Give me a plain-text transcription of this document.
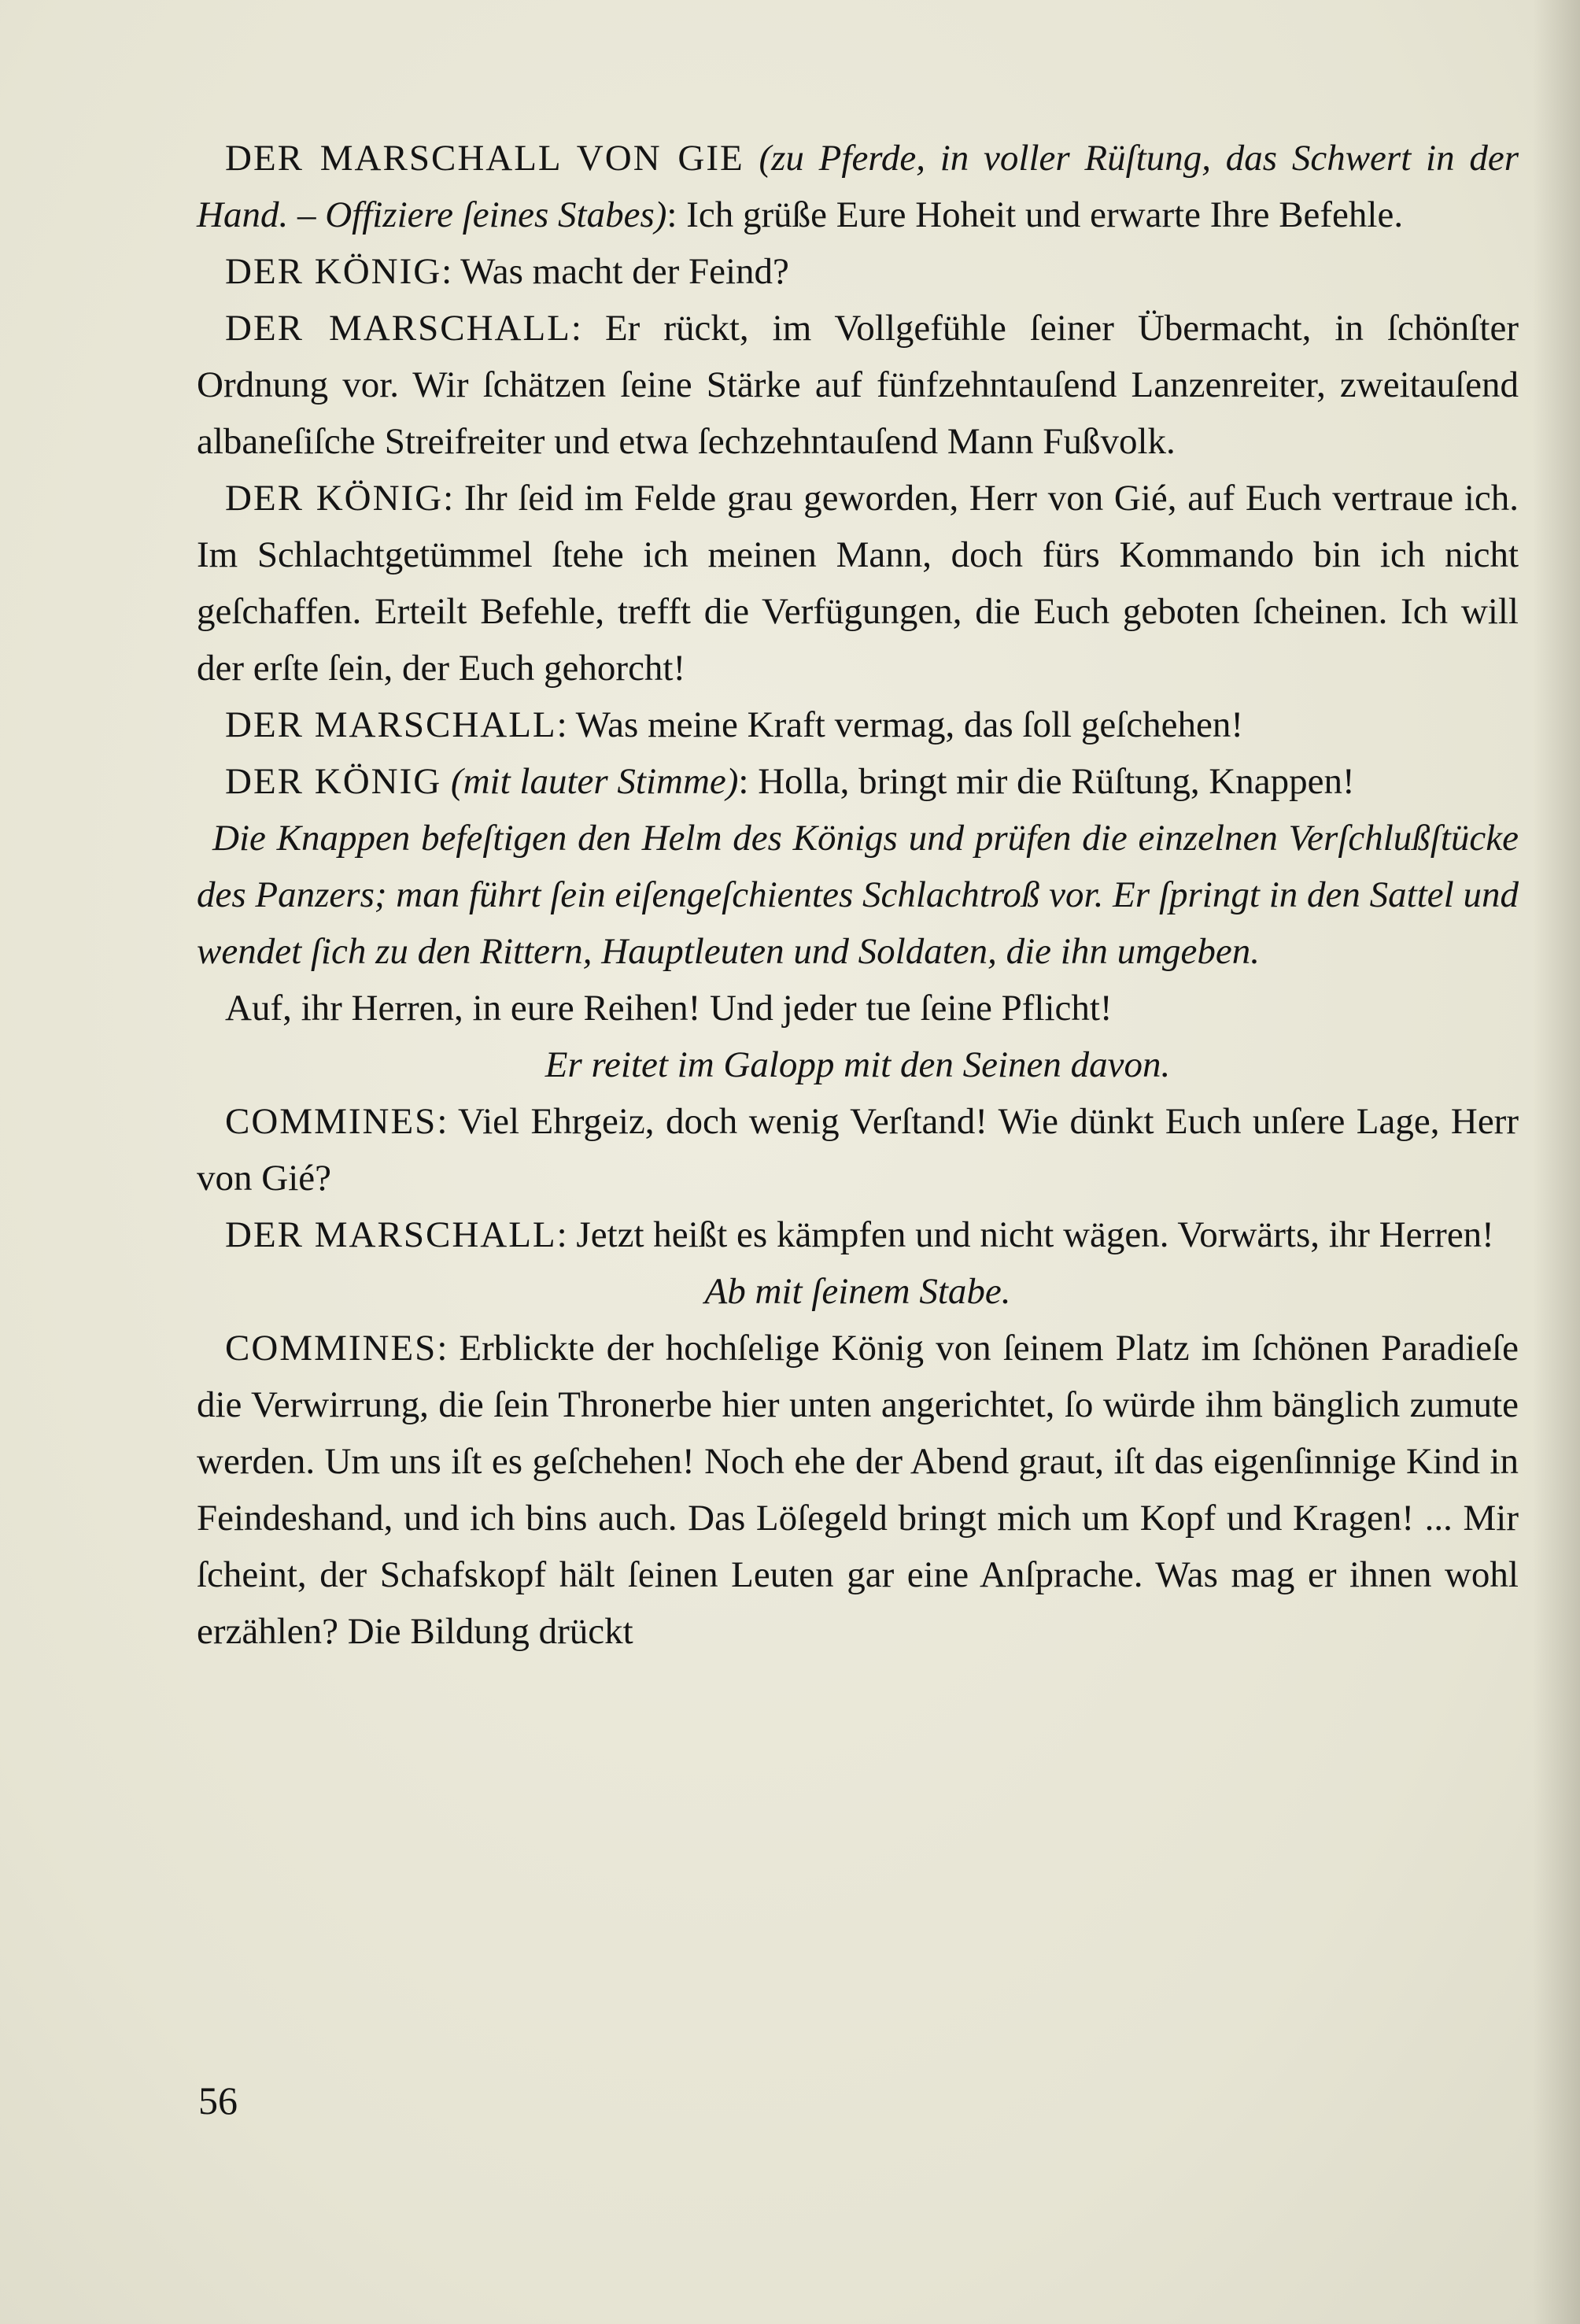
DER MARSCHALL VON GIE (zu Pferde, in voller Rüſtung, das Schwert in der Hand. – Offiziere ſeines Stabes): Ich grüße Eure Hoheit und erwarte Ihre Befehle.

DER KÖNIG: Was macht der Feind?

DER MARSCHALL: Er rückt, im Vollgefühle ſeiner Übermacht, in ſchönſter Ordnung vor. Wir ſchätzen ſeine Stärke auf fünfzehntauſend Lanzenreiter, zweitauſend albaneſiſche Streifreiter und etwa ſechzehntauſend Mann Fußvolk.

DER KÖNIG: Ihr ſeid im Felde grau geworden, Herr von Gié, auf Euch vertraue ich. Im Schlachtgetümmel ſtehe ich meinen Mann, doch fürs Kommando bin ich nicht geſchaffen. Erteilt Befehle, trefft die Verfügungen, die Euch geboten ſcheinen. Ich will der erſte ſein, der Euch gehorcht!

DER MARSCHALL: Was meine Kraft vermag, das ſoll geſchehen!

DER KÖNIG (mit lauter Stimme): Holla, bringt mir die Rüſtung, Knappen!

Die Knappen befeſtigen den Helm des Königs und prüfen die einzelnen Verſchlußſtücke des Panzers; man führt ſein eiſengeſchientes Schlachtroß vor. Er ſpringt in den Sattel und wendet ſich zu den Rittern, Hauptleuten und Soldaten, die ihn umgeben.

Auf, ihr Herren, in eure Reihen! Und jeder tue ſeine Pflicht!

Er reitet im Galopp mit den Seinen davon.

COMMINES: Viel Ehrgeiz, doch wenig Verſtand! Wie dünkt Euch unſere Lage, Herr von Gié?

DER MARSCHALL: Jetzt heißt es kämpfen und nicht wägen. Vorwärts, ihr Herren!

Ab mit ſeinem Stabe.

COMMINES: Erblickte der hochſelige König von ſeinem Platz im ſchönen Paradieſe die Verwirrung, die ſein Thronerbe hier unten angerichtet, ſo würde ihm bänglich zumute werden. Um uns iſt es geſchehen! Noch ehe der Abend graut, iſt das eigenſinnige Kind in Feindeshand, und ich bins auch. Das Löſegeld bringt mich um Kopf und Kragen! ... Mir ſcheint, der Schafskopf hält ſeinen Leuten gar eine Anſprache. Was mag er ihnen wohl erzählen? Die Bildung drückt

56
